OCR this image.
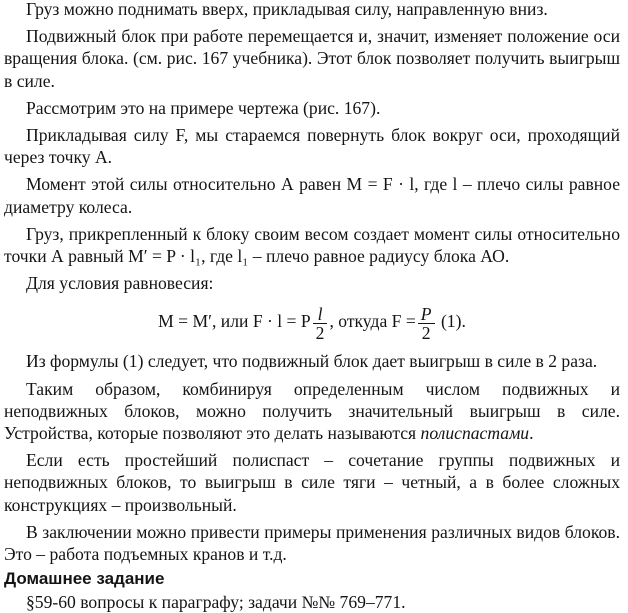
Груз можно поднимать вверх, прикладывая силу, направленную вниз.

Подвижный блок при работе перемещается и, значит, изменяет положение оси вращения блока. (см. рис. 167 учебника). Этот блок позволяет получить выигрыш в силе.

Рассмотрим это на примере чертежа (рис. 167).

Прикладывая силу F, мы стараемся повернуть блок вокруг оси, проходящий через точку А.

Момент этой силы относительно А равен M = F · l, где l – плечо силы равное диаметру колеса.

Груз, прикрепленный к блоку своим весом создает момент силы относительно точки А равный M′ = P · l₁, где l₁ – плечо равное радиусу блока АО.

Для условия равновесия:

M = M′, или F · l = P $\frac{l}{2}$ , откуда $F = \frac{P}{2} (1)$.

Из формулы (1) следует, что подвижный блок дает выигрыш в силе в 2 раза.

Таким образом, комбинируя определенным числом подвижных и неподвижных блоков, можно получить значительный выигрыш в силе. Устройства, которые позволяют это делать называются полиспастами.

Если есть простейший полиспаст – сочетание группы подвижных и неподвижных блоков, то выигрыш в силе тяги – четный, а в более сложных конструкциях – произвольный.

В заключении можно привести примеры применения различных видов блоков. Это – работа подъемных кранов и т.д.

Домашнее задание

§59-60 вопросы к параграфу; задачи №№ 769–771.
